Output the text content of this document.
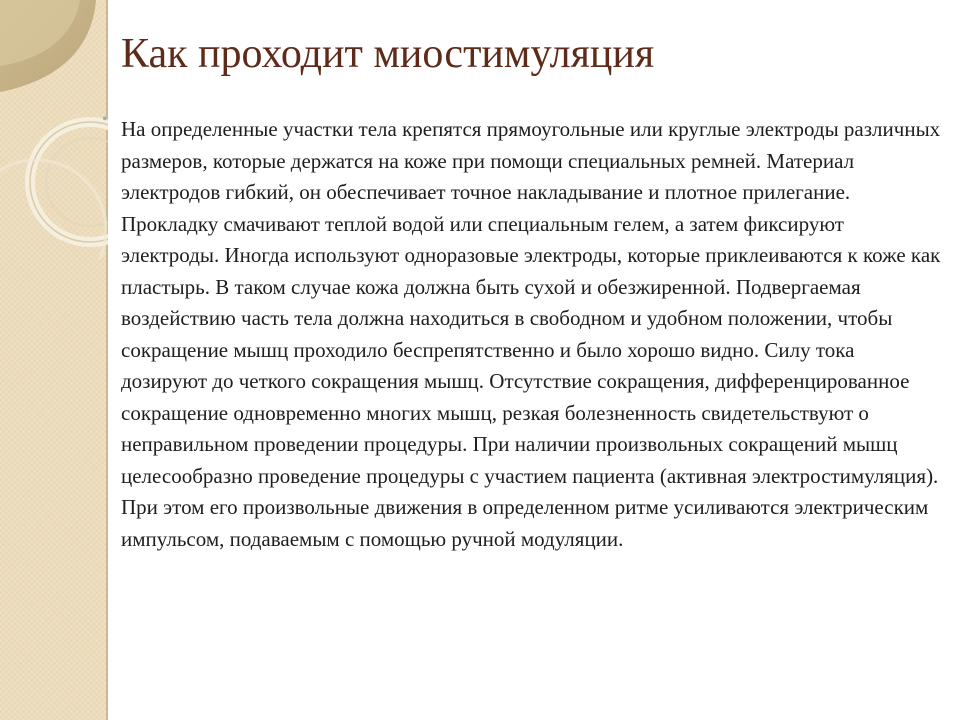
Как проходит миостимуляция
• На определенные участки тела крепятся прямоугольные или круглые электроды различных размеров, которые держатся на коже при помощи специальных ремней. Материал электродов гибкий, он обеспечивает точное накладывание и плотное прилегание. Прокладку смачивают теплой водой или специальным гелем, а затем фиксируют электроды. Иногда используют одноразовые электроды, которые приклеиваются к коже как пластырь. В таком случае кожа должна быть сухой и обезжиренной. Подвергаемая воздействию часть тела должна находиться в свободном и удобном положении, чтобы сокращение мышц проходило беспрепятственно и было хорошо видно. Силу тока дозируют до четкого сокращения мышц. Отсутствие сокращения, дифференцированное сокращение одновременно многих мышц, резкая болезненность свидетельствуют о неправильном проведении процедуры. При наличии произвольных сокращений мышц целесообразно проведение процедуры с участием пациента (активная электростимуляция). При этом его произвольные движения в определенном ритме усиливаются электрическим импульсом, подаваемым с помощью ручной модуляции.
